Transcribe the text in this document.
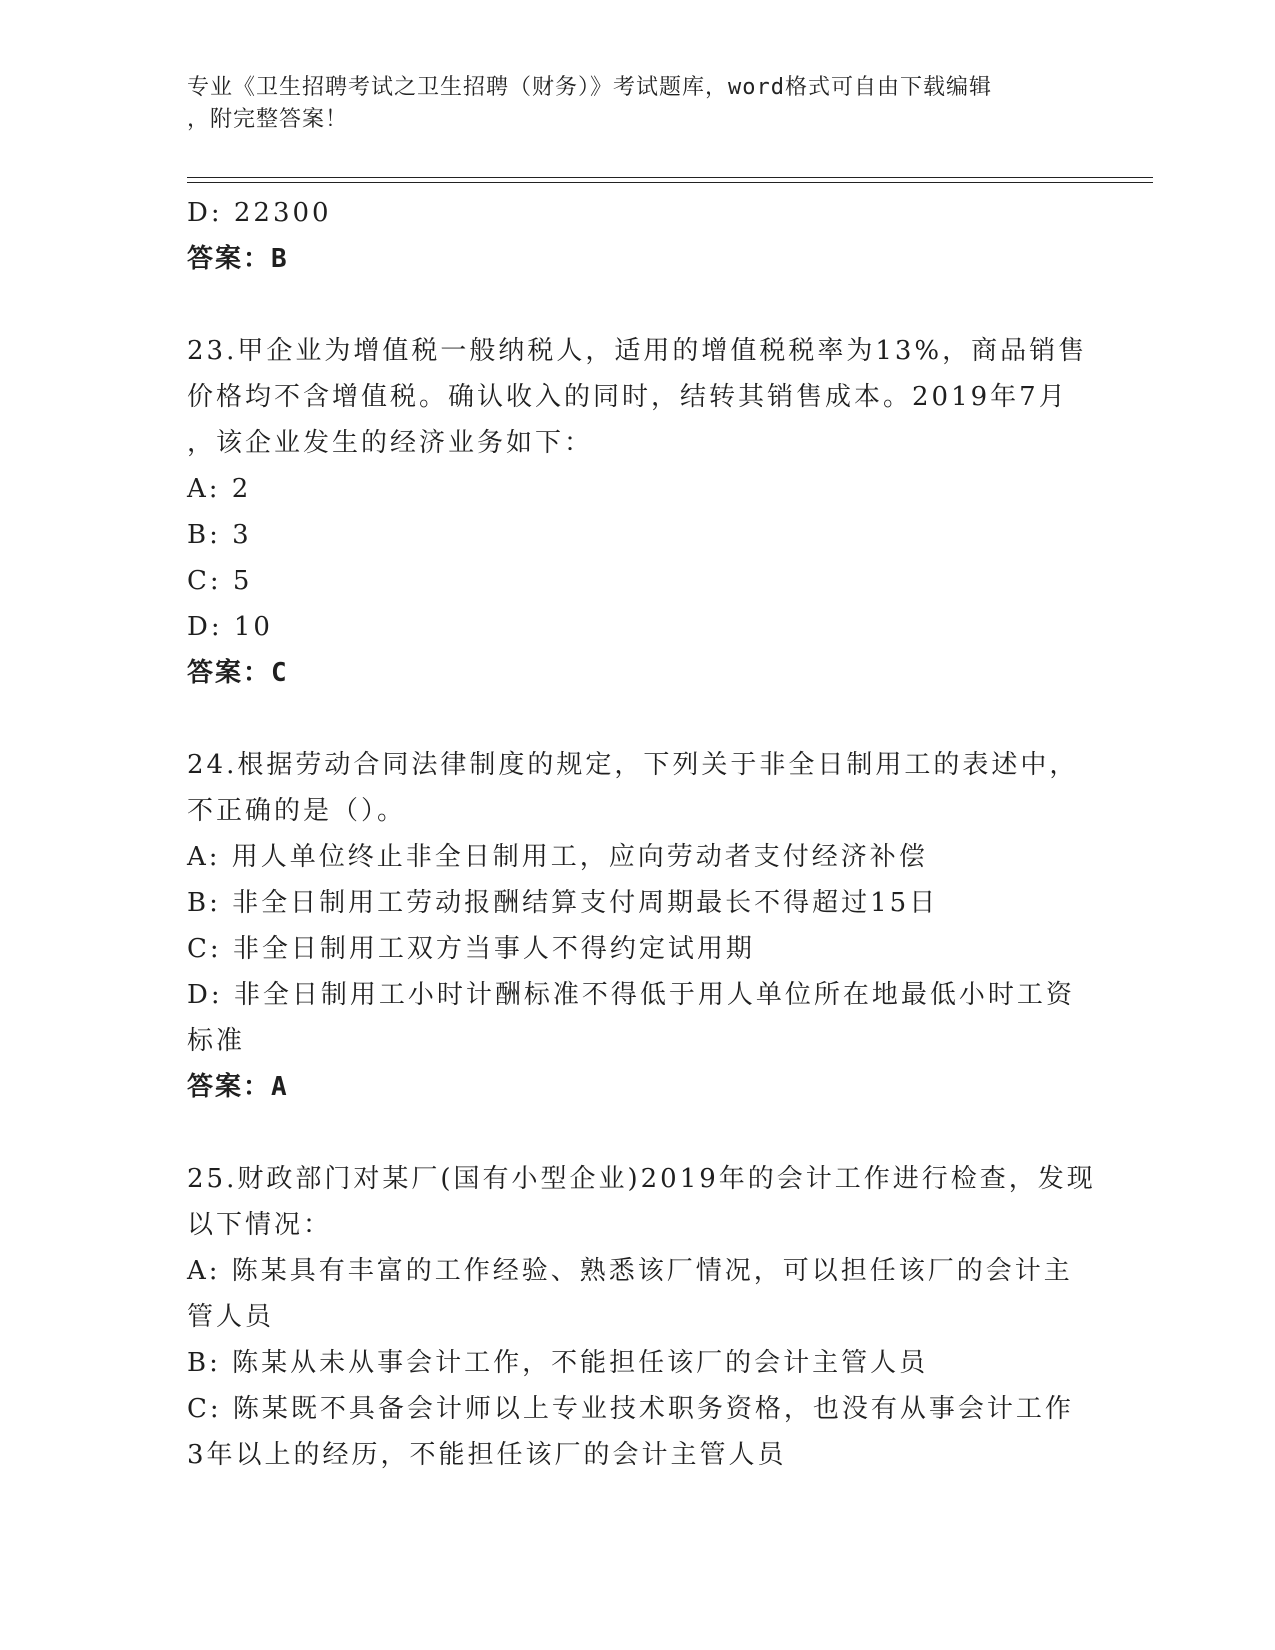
专业《卫生招聘考试之卫生招聘（财务）》考试题库，word格式可自由下载编辑
，附完整答案！
D: 22300
答案：B
23.甲企业为增值税一般纳税人，适用的增值税税率为13%，商品销售
价格均不含增值税。确认收入的同时，结转其销售成本。2019年7月
，该企业发生的经济业务如下：
A: 2
B: 3
C: 5
D: 10
答案：C
24.根据劳动合同法律制度的规定，下列关于非全日制用工的表述中，
不正确的是（）。
A: 用人单位终止非全日制用工，应向劳动者支付经济补偿
B: 非全日制用工劳动报酬结算支付周期最长不得超过15日
C: 非全日制用工双方当事人不得约定试用期
D: 非全日制用工小时计酬标准不得低于用人单位所在地最低小时工资
标准
答案：A
25.财政部门对某厂(国有小型企业)2019年的会计工作进行检查，发现
以下情况：
A: 陈某具有丰富的工作经验、熟悉该厂情况，可以担任该厂的会计主
管人员
B: 陈某从未从事会计工作，不能担任该厂的会计主管人员
C: 陈某既不具备会计师以上专业技术职务资格，也没有从事会计工作
3年以上的经历，不能担任该厂的会计主管人员
